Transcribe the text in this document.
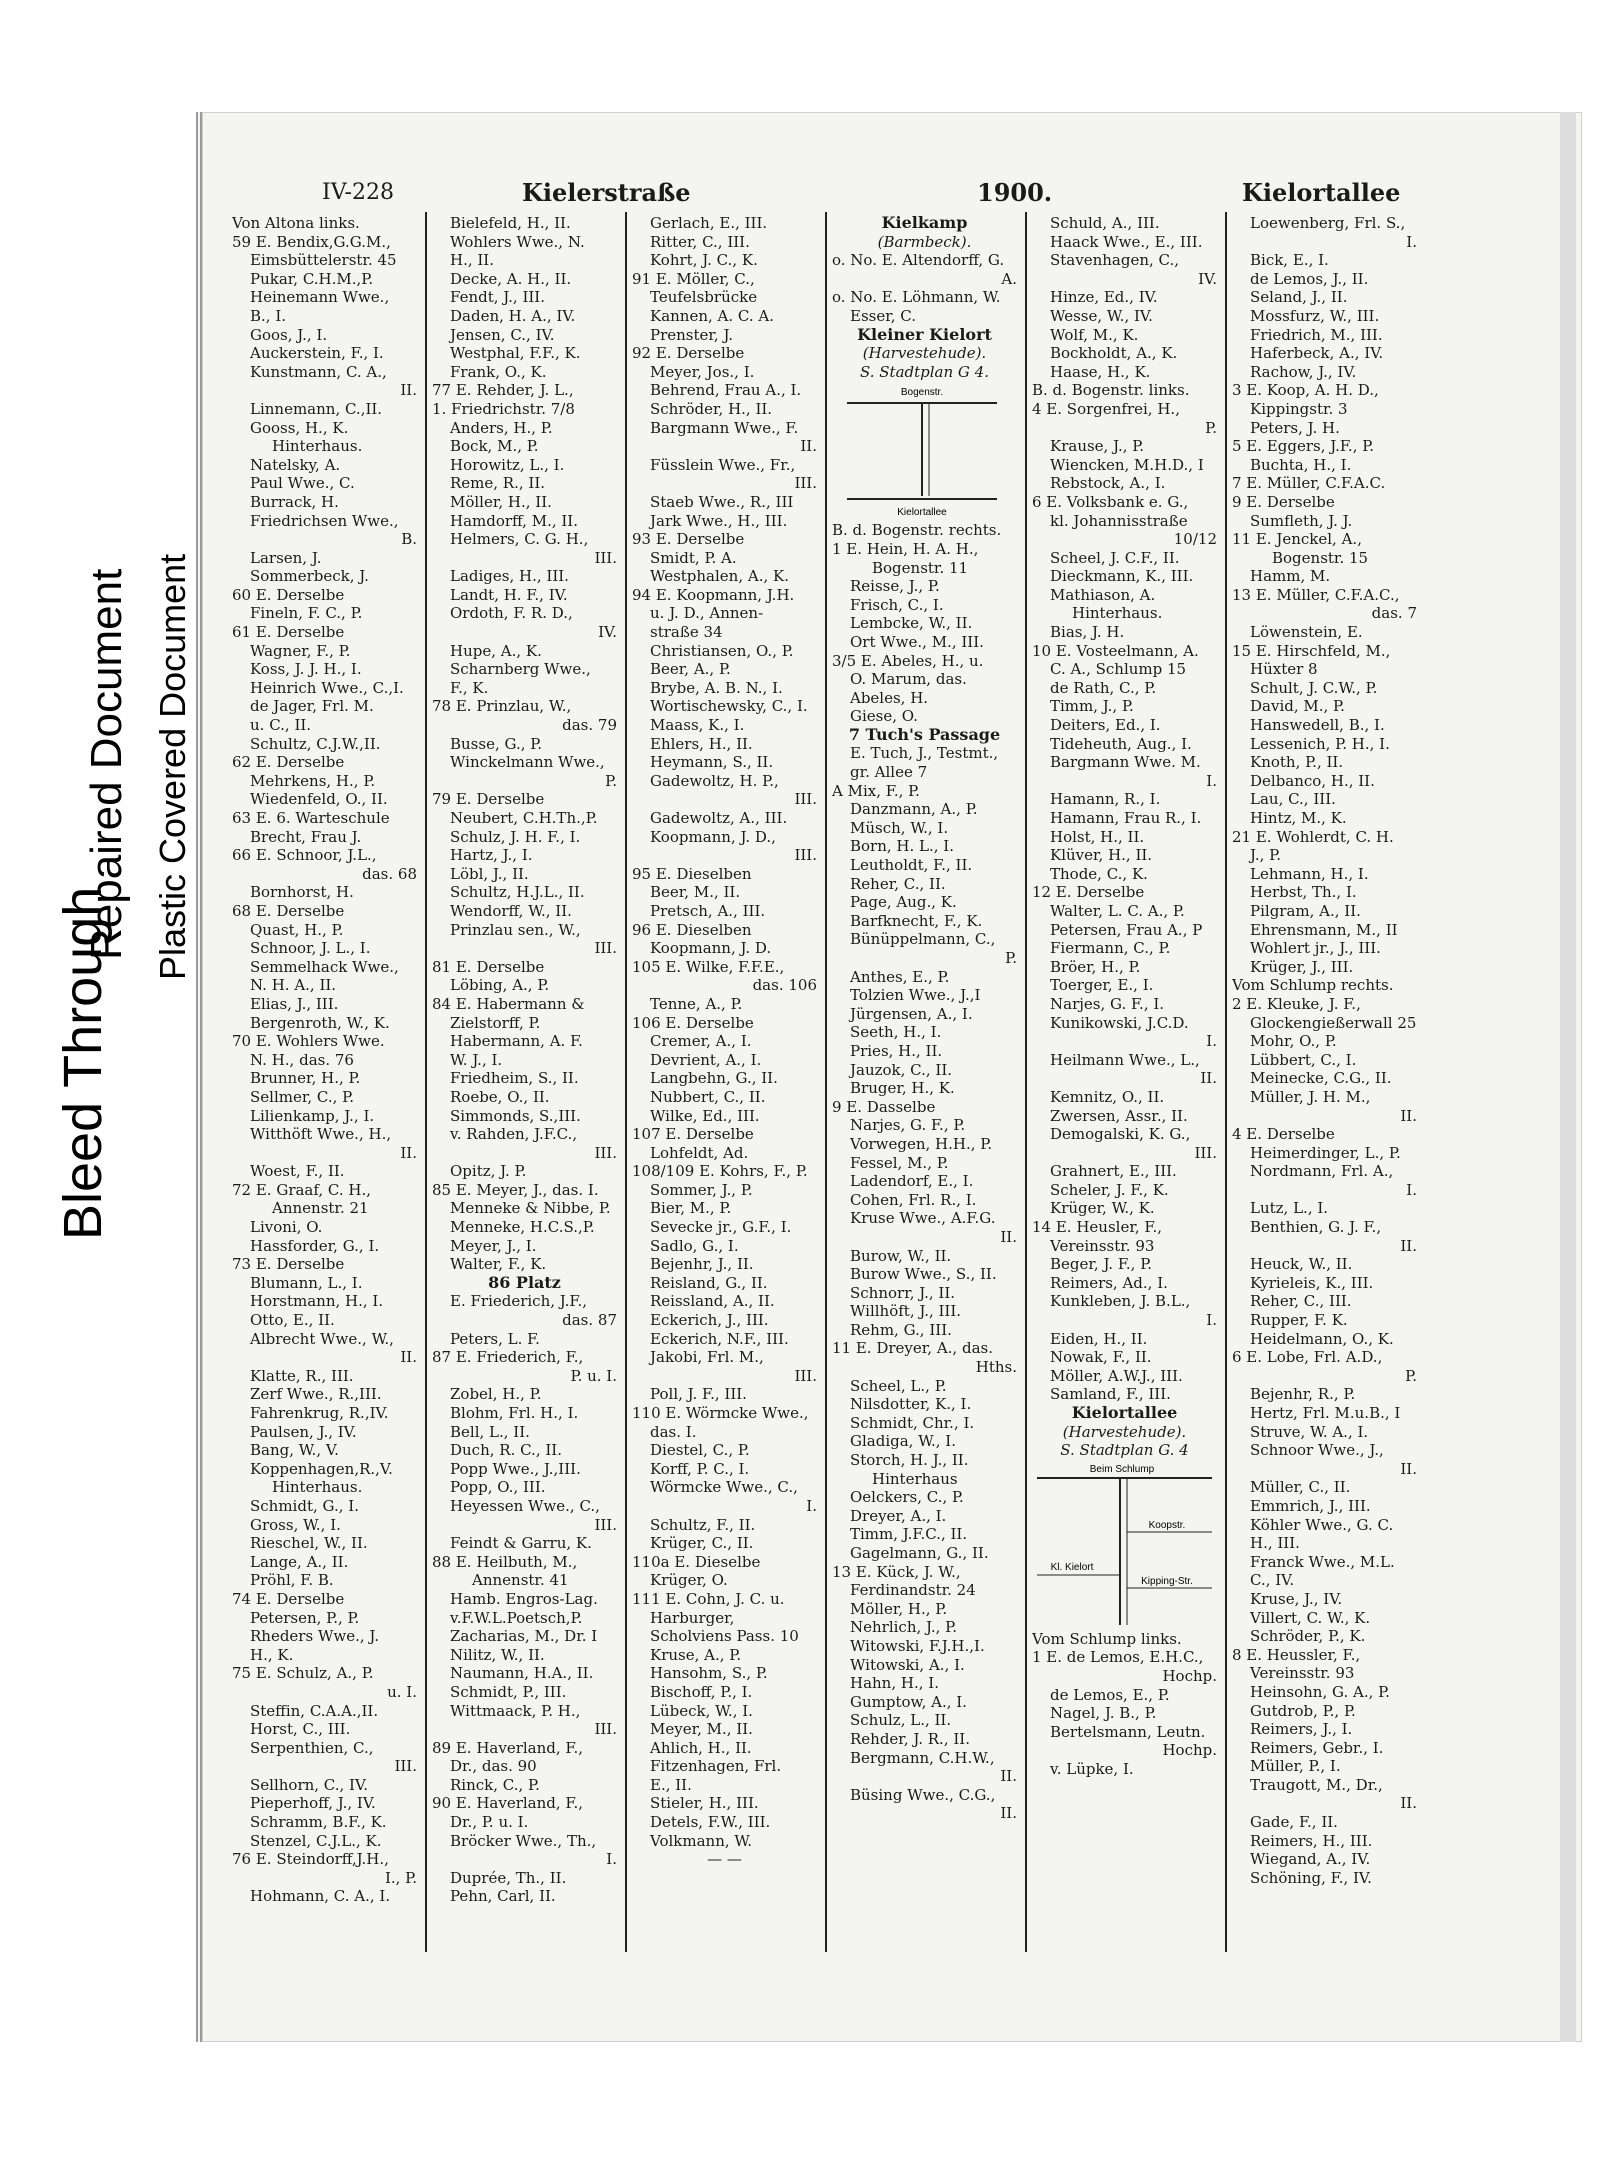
Bleed Through
Repaired Document Plastic Covered Document
IV-228	Kielerstraße	1900.	Kielortallee
Von Altona links.
59 E. Bendix,G.G.M.,
Eimsbüttelerstr. 45
Pukar, C.H.M.,P.
Heinemann Wwe.,
B., I.
Goos, J., I.
Auckerstein, F., I.
Kunstmann, C. A.,
II.
Linnemann, C.,II.
Gooss, H., K.
Hinterhaus.
Natelsky, A.
Paul Wwe., C.
Burrack, H.
Friedrichsen Wwe.,
B.
Larsen, J.
Sommerbeck, J.
60 E. Derselbe
Fineln, F. C., P.
61 E. Derselbe
Wagner, F., P.
Koss, J. J. H., I.
Heinrich Wwe., C.,I.
de Jager, Frl. M.
u. C., II.
Schultz, C.J.W.,II.
62 E. Derselbe
Mehrkens, H., P.
Wiedenfeld, O., II.
63 E. 6. Warteschule
Brecht, Frau J.
66 E. Schnoor, J.L.,
das. 68
Bornhorst, H.
68 E. Derselbe
Quast, H., P.
Schnoor, J. L., I.
Semmelhack Wwe.,
N. H. A., II.
Elias, J., III.
Bergenroth, W., K.
70 E. Wohlers Wwe.
N. H., das. 76
Brunner, H., P.
Sellmer, C., P.
Lilienkamp, J., I.
Witthöft Wwe., H.,
II.
Woest, F., II.
72 E. Graaf, C. H.,
Annenstr. 21
Livoni, O.
Hassforder, G., I.
73 E. Derselbe
Blumann, L., I.
Horstmann, H., I.
Otto, E., II.
Albrecht Wwe., W.,
II.
Klatte, R., III.
Zerf Wwe., R.,III.
Fahrenkrug, R.,IV.
Paulsen, J., IV.
Bang, W., V.
Koppenhagen,R.,V.
Hinterhaus.
Schmidt, G., I.
Gross, W., I.
Rieschel, W., II.
Lange, A., II.
Pröhl, F. B.
74 E. Derselbe
Petersen, P., P.
Rheders Wwe., J.
H., K.
75 E. Schulz, A., P.
u. I.
Steffin, C.A.A.,II.
Horst, C., III.
Serpenthien, C.,
III.
Sellhorn, C., IV.
Pieperhoff, J., IV.
Schramm, B.F., K.
Stenzel, C.J.L., K.
76 E. Steindorff,J.H.,
I., P.
Hohmann, C. A., I.
Bielefeld, H., II.
Wohlers Wwe., N.
H., II.
Decke, A. H., II.
Fendt, J., III.
Daden, H. A., IV.
Jensen, C., IV.
Westphal, F.F., K.
Frank, O., K.
77 E. Rehder, J. L.,
1. Friedrichstr. 7/8
Anders, H., P.
Bock, M., P.
Horowitz, L., I.
Reme, R., II.
Möller, H., II.
Hamdorff, M., II.
Helmers, C. G. H.,
III.
Ladiges, H., III.
Landt, H. F., IV.
Ordoth, F. R. D.,
IV.
Hupe, A., K.
Scharnberg Wwe.,
F., K.
78 E. Prinzlau, W.,
das. 79
Busse, G., P.
Winckelmann Wwe.,
P.
79 E. Derselbe
Neubert, C.H.Th.,P.
Schulz, J. H. F., I.
Hartz, J., I.
Löbl, J., II.
Schultz, H.J.L., II.
Wendorff, W., II.
Prinzlau sen., W.,
III.
81 E. Derselbe
Löbing, A., P.
84 E. Habermann &
Zielstorff, P.
Habermann, A. F.
W. J., I.
Friedheim, S., II.
Roebe, O., II.
Simmonds, S.,III.
v. Rahden, J.F.C.,
III.
Opitz, J. P.
85 E. Meyer, J., das. I.
Menneke & Nibbe, P.
Menneke, H.C.S.,P.
Meyer, J., I.
Walter, F., K.
86 Platz
E. Friederich, J.F.,
das. 87
Peters, L. F.
87 E. Friederich, F.,
P. u. I.
Zobel, H., P.
Blohm, Frl. H., I.
Bell, L., II.
Duch, R. C., II.
Popp Wwe., J.,III.
Popp, O., III.
Heyessen Wwe., C.,
III.
Feindt & Garru, K.
88 E. Heilbuth, M.,
Annenstr. 41
Hamb. Engros-Lag.
v.F.W.L.Poetsch,P.
Zacharias, M., Dr. I
Nilitz, W., II.
Naumann, H.A., II.
Schmidt, P., III.
Wittmaack, P. H.,
III.
89 E. Haverland, F.,
Dr., das. 90
Rinck, C., P.
90 E. Haverland, F.,
Dr., P. u. I.
Bröcker Wwe., Th.,
I.
Duprée, Th., II.
Pehn, Carl, II.
Gerlach, E., III.
Ritter, C., III.
Kohrt, J. C., K.
91 E. Möller, C.,
Teufelsbrücke
Kannen, A. C. A.
Prenster, J.
92 E. Derselbe
Meyer, Jos., I.
Behrend, Frau A., I.
Schröder, H., II.
Bargmann Wwe., F.
II.
Füsslein Wwe., Fr.,
III.
Staeb Wwe., R., III
Jark Wwe., H., III.
93 E. Derselbe
Smidt, P. A.
Westphalen, A., K.
94 E. Koopmann, J.H.
u. J. D., Annen-
straße 34
Christiansen, O., P.
Beer, A., P.
Brybe, A. B. N., I.
Wortischewsky, C., I.
Maass, K., I.
Ehlers, H., II.
Heymann, S., II.
Gadewoltz, H. P.,
III.
Gadewoltz, A., III.
Koopmann, J. D.,
III.
95 E. Dieselben
Beer, M., II.
Pretsch, A., III.
96 E. Dieselben
Koopmann, J. D.
105 E. Wilke, F.F.E.,
das. 106
Tenne, A., P.
106 E. Derselbe
Cremer, A., I.
Devrient, A., I.
Langbehn, G., II.
Nubbert, C., II.
Wilke, Ed., III.
107 E. Derselbe
Lohfeldt, Ad.
108/109 E. Kohrs, F., P.
Sommer, J., P.
Bier, M., P.
Sevecke jr., G.F., I.
Sadlo, G., I.
Bejenhr, J., II.
Reisland, G., II.
Reissland, A., II.
Eckerich, J., III.
Eckerich, N.F., III.
Jakobi, Frl. M.,
III.
Poll, J. F., III.
110 E. Wörmcke Wwe.,
das. I.
Diestel, C., P.
Korff, P. C., I.
Wörmcke Wwe., C.,
I.
Schultz, F., II.
Krüger, C., II.
110a E. Dieselbe
Krüger, O.
111 E. Cohn, J. C. u.
Harburger,
Scholviens Pass. 10
Kruse, A., P.
Hansohm, S., P.
Bischoff, P., I.
Lübeck, W., I.
Meyer, M., II.
Ahlich, H., II.
Fitzenhagen, Frl.
E., II.
Stieler, H., III.
Detels, F.W., III.
Volkmann, W.
— —
Kielkamp
(Barmbeck).
o. No. E. Altendorff, G.
A.
o. No. E. Löhmann, W.
Esser, C.
Kleiner Kielort
(Harvestehude).
S. Stadtplan G 4.
Bogenstr.
Kielortallee
B. d. Bogenstr. rechts.
1 E. Hein, H. A. H.,
Bogenstr. 11
Reisse, J., P.
Frisch, C., I.
Lembcke, W., II.
Ort Wwe., M., III.
3/5 E. Abeles, H., u.
O. Marum, das.
Abeles, H.
Giese, O.
7 Tuch's Passage
E. Tuch, J., Testmt.,
gr. Allee 7
A Mix, F., P.
Danzmann, A., P.
Müsch, W., I.
Born, H. L., I.
Leutholdt, F., II.
Reher, C., II.
Page, Aug., K.
Barfknecht, F., K.
Bünüppelmann, C.,
P.
Anthes, E., P.
Tolzien Wwe., J.,I
Jürgensen, A., I.
Seeth, H., I.
Pries, H., II.
Jauzok, C., II.
Bruger, H., K.
9 E. Dasselbe
Narjes, G. F., P.
Vorwegen, H.H., P.
Fessel, M., P.
Ladendorf, E., I.
Cohen, Frl. R., I.
Kruse Wwe., A.F.G.
II.
Burow, W., II.
Burow Wwe., S., II.
Schnorr, J., II.
Willhöft, J., III.
Rehm, G., III.
11 E. Dreyer, A., das.
Hths.
Scheel, L., P.
Nilsdotter, K., I.
Schmidt, Chr., I.
Gladiga, W., I.
Storch, H. J., II.
Hinterhaus
Oelckers, C., P.
Dreyer, A., I.
Timm, J.F.C., II.
Gagelmann, G., II.
13 E. Kück, J. W.,
Ferdinandstr. 24
Möller, H., P.
Nehrlich, J., P.
Witowski, F.J.H.,I.
Witowski, A., I.
Hahn, H., I.
Gumptow, A., I.
Schulz, L., II.
Rehder, J. R., II.
Bergmann, C.H.W.,
II.
Büsing Wwe., C.G.,
II.
Schuld, A., III.
Haack Wwe., E., III.
Stavenhagen, C.,
IV.
Hinze, Ed., IV.
Wesse, W., IV.
Wolf, M., K.
Bockholdt, A., K.
Haase, H., K.
B. d. Bogenstr. links.
4 E. Sorgenfrei, H.,
P.
Krause, J., P.
Wiencken, M.H.D., I
Rebstock, A., I.
6 E. Volksbank e. G.,
kl. Johannisstraße
10/12
Scheel, J. C.F., II.
Dieckmann, K., III.
Mathiason, A.
Hinterhaus.
Bias, J. H.
10 E. Vosteelmann, A.
C. A., Schlump 15
de Rath, C., P.
Timm, J., P.
Deiters, Ed., I.
Tideheuth, Aug., I.
Bargmann Wwe. M.
I.
Hamann, R., I.
Hamann, Frau R., I.
Holst, H., II.
Klüver, H., II.
Thode, C., K.
12 E. Derselbe
Walter, L. C. A., P.
Petersen, Frau A., P
Fiermann, C., P.
Bröer, H., P.
Toerger, E., I.
Narjes, G. F., I.
Kunikowski, J.C.D.
I.
Heilmann Wwe., L.,
II.
Kemnitz, O., II.
Zwersen, Assr., II.
Demogalski, K. G.,
III.
Grahnert, E., III.
Scheler, J. F., K.
Krüger, W., K.
14 E. Heusler, F.,
Vereinsstr. 93
Beger, J. F., P.
Reimers, Ad., I.
Kunkleben, J. B.L.,
I.
Eiden, H., II.
Nowak, F., II.
Möller, A.W.J., III.
Samland, F., III.
Kielortallee
(Harvestehude).
S. Stadtplan G. 4
Beim Schlump
Koopstr.
Kl. Kielort
Kipping-Str.
Vom Schlump links.
1 E. de Lemos, E.H.C.,
Hochp.
de Lemos, E., P.
Nagel, J. B., P.
Bertelsmann, Leutn.
Hochp.
v. Lüpke, I.
Loewenberg, Frl. S.,
I.
Bick, E., I.
de Lemos, J., II.
Seland, J., II.
Mossfurz, W., III.
Friedrich, M., III.
Haferbeck, A., IV.
Rachow, J., IV.
3 E. Koop, A. H. D.,
Kippingstr. 3
Peters, J. H.
5 E. Eggers, J.F., P.
Buchta, H., I.
7 E. Müller, C.F.A.C.
9 E. Derselbe
Sumfleth, J. J.
11 E. Jenckel, A.,
Bogenstr. 15
Hamm, M.
13 E. Müller, C.F.A.C.,
das. 7
Löwenstein, E.
15 E. Hirschfeld, M.,
Hüxter 8
Schult, J. C.W., P.
David, M., P.
Hanswedell, B., I.
Lessenich, P. H., I.
Knoth, P., II.
Delbanco, H., II.
Lau, C., III.
Hintz, M., K.
21 E. Wohlerdt, C. H.
J., P.
Lehmann, H., I.
Herbst, Th., I.
Pilgram, A., II.
Ehrensmann, M., II
Wohlert jr., J., III.
Krüger, J., III.
Vom Schlump rechts.
2 E. Kleuke, J. F.,
Glockengießerwall 25
Mohr, O., P.
Lübbert, C., I.
Meinecke, C.G., II.
Müller, J. H. M.,
II.
4 E. Derselbe
Heimerdinger, L., P.
Nordmann, Frl. A.,
I.
Lutz, L., I.
Benthien, G. J. F.,
II.
Heuck, W., II.
Kyrieleis, K., III.
Reher, C., III.
Rupper, F. K.
Heidelmann, O., K.
6 E. Lobe, Frl. A.D.,
P.
Bejenhr, R., P.
Hertz, Frl. M.u.B., I
Struve, W. A., I.
Schnoor Wwe., J.,
II.
Müller, C., II.
Emmrich, J., III.
Köhler Wwe., G. C.
H., III.
Franck Wwe., M.L.
C., IV.
Kruse, J., IV.
Villert, C. W., K.
Schröder, P., K.
8 E. Heussler, F.,
Vereinsstr. 93
Heinsohn, G. A., P.
Gutdrob, P., P.
Reimers, J., I.
Reimers, Gebr., I.
Müller, P., I.
Traugott, M., Dr.,
II.
Gade, F., II.
Reimers, H., III.
Wiegand, A., IV.
Schöning, F., IV.
